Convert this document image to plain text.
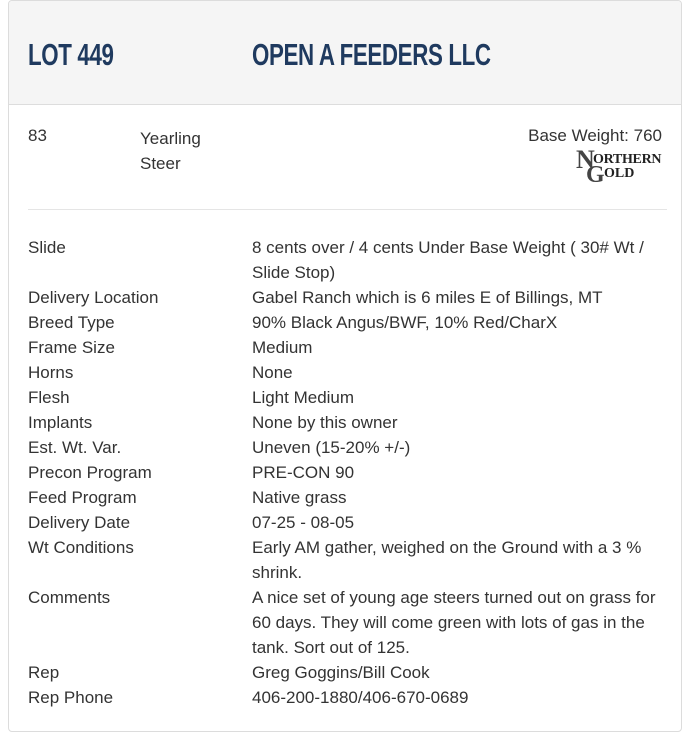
LOT 449	OPEN A FEEDERS LLC
83	Yearling
Steer
Base Weight: 760
N
ORTHERN
G OLD
Slide	8 cents over / 4 cents Under Base Weight ( 30# Wt / Slide Stop)
Delivery Location	Gabel Ranch which is 6 miles E of Billings, MT
Breed Type	90% Black Angus/BWF, 10% Red/CharX
Frame Size	Medium
Horns	None
Flesh	Light Medium
Implants	None by this owner
Est. Wt. Var.	Uneven (15-20% +/-)
Precon Program	PRE-CON 90
Feed Program	Native grass
Delivery Date	07-25 - 08-05
Wt Conditions	Early AM gather, weighed on the Ground with a 3 % shrink.
Comments	A nice set of young age steers turned out on grass for 60 days. They will come green with lots of gas in the tank. Sort out of 125.
Rep	Greg Goggins/Bill Cook
Rep Phone	406-200-1880/406-670-0689
